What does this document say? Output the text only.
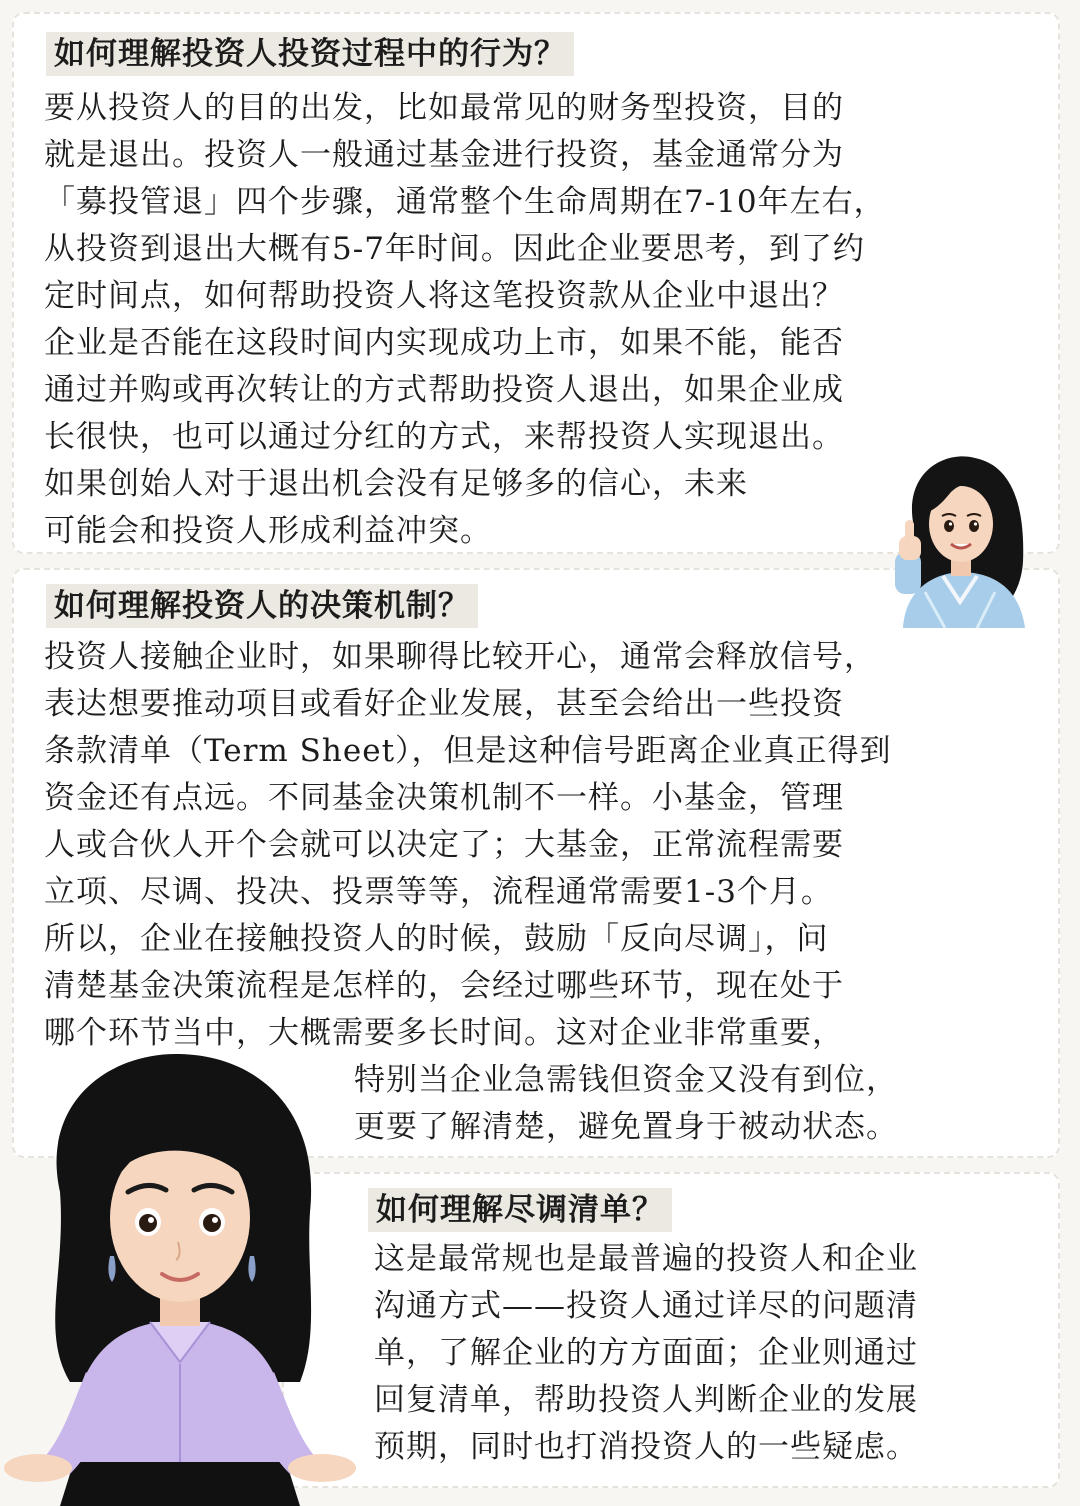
如何理解投资人投资过程中的行为？
要从投资人的目的出发，比如最常见的财务型投资，目的
就是退出。投资人一般通过基金进行投资，基金通常分为
「募投管退」四个步骤，通常整个生命周期在7-10年左右，
从投资到退出大概有5-7年时间。因此企业要思考，到了约
定时间点，如何帮助投资人将这笔投资款从企业中退出？
企业是否能在这段时间内实现成功上市，如果不能，能否
通过并购或再次转让的方式帮助投资人退出，如果企业成
长很快，也可以通过分红的方式，来帮投资人实现退出。
如果创始人对于退出机会没有足够多的信心，未来
可能会和投资人形成利益冲突。
如何理解投资人的决策机制？
投资人接触企业时，如果聊得比较开心，通常会释放信号，
表达想要推动项目或看好企业发展，甚至会给出一些投资
条款清单（Term Sheet），但是这种信号距离企业真正得到
资金还有点远。不同基金决策机制不一样。小基金，管理
人或合伙人开个会就可以决定了；大基金，正常流程需要
立项、尽调、投决、投票等等，流程通常需要1-3个月。
所以，企业在接触投资人的时候，鼓励「反向尽调」，问
清楚基金决策流程是怎样的，会经过哪些环节，现在处于
哪个环节当中，大概需要多长时间。这对企业非常重要，
特别当企业急需钱但资金又没有到位，
更要了解清楚，避免置身于被动状态。
如何理解尽调清单？
这是最常规也是最普遍的投资人和企业
沟通方式——投资人通过详尽的问题清
单，了解企业的方方面面；企业则通过
回复清单，帮助投资人判断企业的发展
预期，同时也打消投资人的一些疑虑。
